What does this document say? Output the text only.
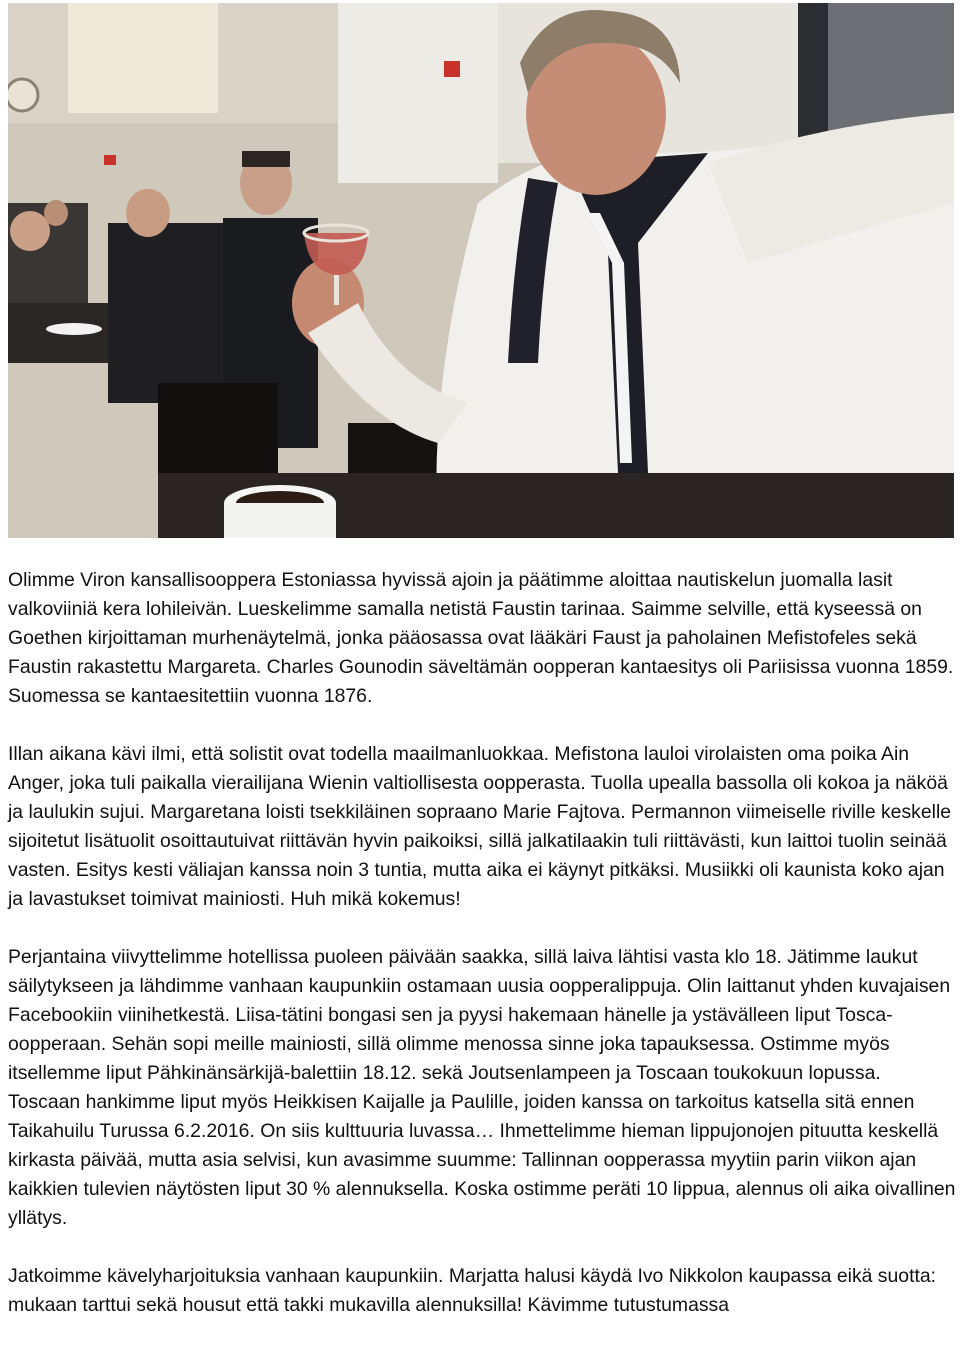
Olimme Viron kansallisooppera Estoniassa hyvissä ajoin ja päätimme aloittaa nautiskelun juomalla lasit valkoviiniä kera lohileivän. Lueskelimme samalla netistä Faustin tarinaa. Saimme selville, että kyseessä on Goethen kirjoittaman murhenäytelmä, jonka pääosassa ovat lääkäri Faust ja paholainen Mefistofeles sekä Faustin rakastettu Margareta. Charles Gounodin säveltämän oopperan kantaesitys oli Pariisissa vuonna 1859. Suomessa se kantaesitettiin vuonna 1876.

Illan aikana kävi ilmi, että solistit ovat todella maailmanluokkaa. Mefistona lauloi virolaisten oma poika Ain Anger, joka tuli paikalla vierailijana Wienin valtiollisesta oopperasta. Tuolla upealla bassolla oli kokoa ja näköä ja laulukin sujui. Margaretana loisti tsekkiläinen sopraano Marie Fajtova. Permannon viimeiselle riville keskelle sijoitetut lisätuolit osoittautuivat riittävän hyvin paikoiksi, sillä jalkatilaakin tuli riittävästi, kun laittoi tuolin seinää vasten. Esitys kesti väliajan kanssa noin 3 tuntia, mutta aika ei käynyt pitkäksi. Musiikki oli kaunista koko ajan ja lavastukset toimivat mainiosti. Huh mikä kokemus!

Perjantaina viivyttelimme hotellissa puoleen päivään saakka, sillä laiva lähtisi vasta klo 18. Jätimme laukut säilytykseen ja lähdimme vanhaan kaupunkiin ostamaan uusia oopperalippuja. Olin laittanut yhden kuvajaisen Facebookiin viinihetkestä. Liisa-tätini bongasi sen ja pyysi hakemaan hänelle ja ystävälleen liput Tosca-oopperaan. Sehän sopi meille mainiosti, sillä olimme menossa sinne joka tapauksessa. Ostimme myös itsellemme liput Pähkinänsärkijä-balettiin 18.12. sekä Joutsenlampeen ja Toscaan toukokuun lopussa. Toscaan hankimme liput myös Heikkisen Kaijalle ja Paulille, joiden kanssa on tarkoitus katsella sitä ennen Taikahuilu Turussa 6.2.2016. On siis kulttuuria luvassa… Ihmettelimme hieman lippujonojen pituutta keskellä kirkasta päivää, mutta asia selvisi, kun avasimme suumme: Tallinnan oopperassa myytiin parin viikon ajan kaikkien tulevien näytösten liput 30 % alennuksella. Koska ostimme peräti 10 lippua, alennus oli aika oivallinen yllätys.

Jatkoimme kävelyharjoituksia vanhaan kaupunkiin. Marjatta halusi käydä Ivo Nikkolon kaupassa eikä suotta: mukaan tarttui sekä housut että takki mukavilla alennuksilla! Kävimme tutustumassa
